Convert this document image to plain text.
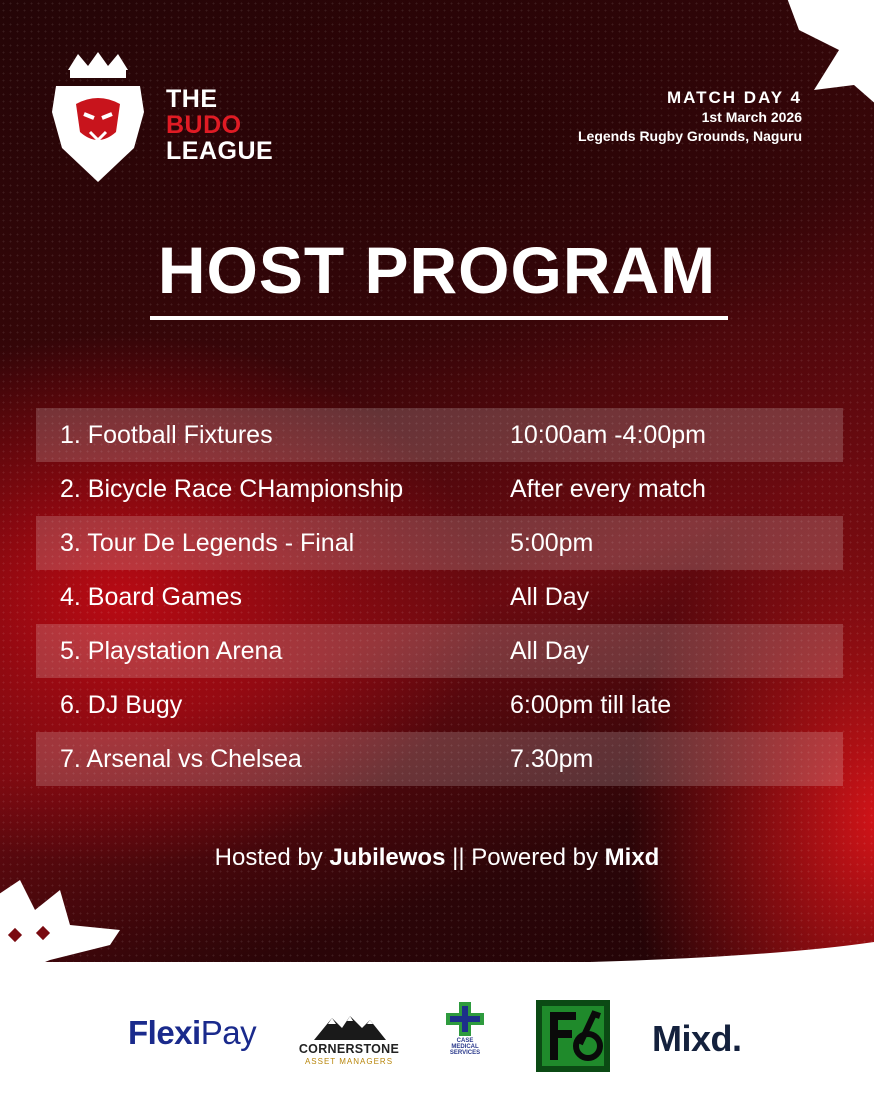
THE
BUDO
LEAGUE
MATCH DAY 4
1st March 2026
Legends Rugby Grounds, Naguru
HOST PROGRAM
1. Football Fixtures	10:00am -4:00pm
2. Bicycle Race CHampionship	After every match
3. Tour De Legends - Final	5:00pm
4. Board Games	All Day
5. Playstation Arena	All Day
6. DJ Bugy	6:00pm till late
7. Arsenal vs Chelsea	7.30pm
Hosted by Jubilewos || Powered by Mixd
FlexiPay	CORNERSTONE
ASSET MANAGERS
CASE MEDICAL SERVICES	Mixd.
